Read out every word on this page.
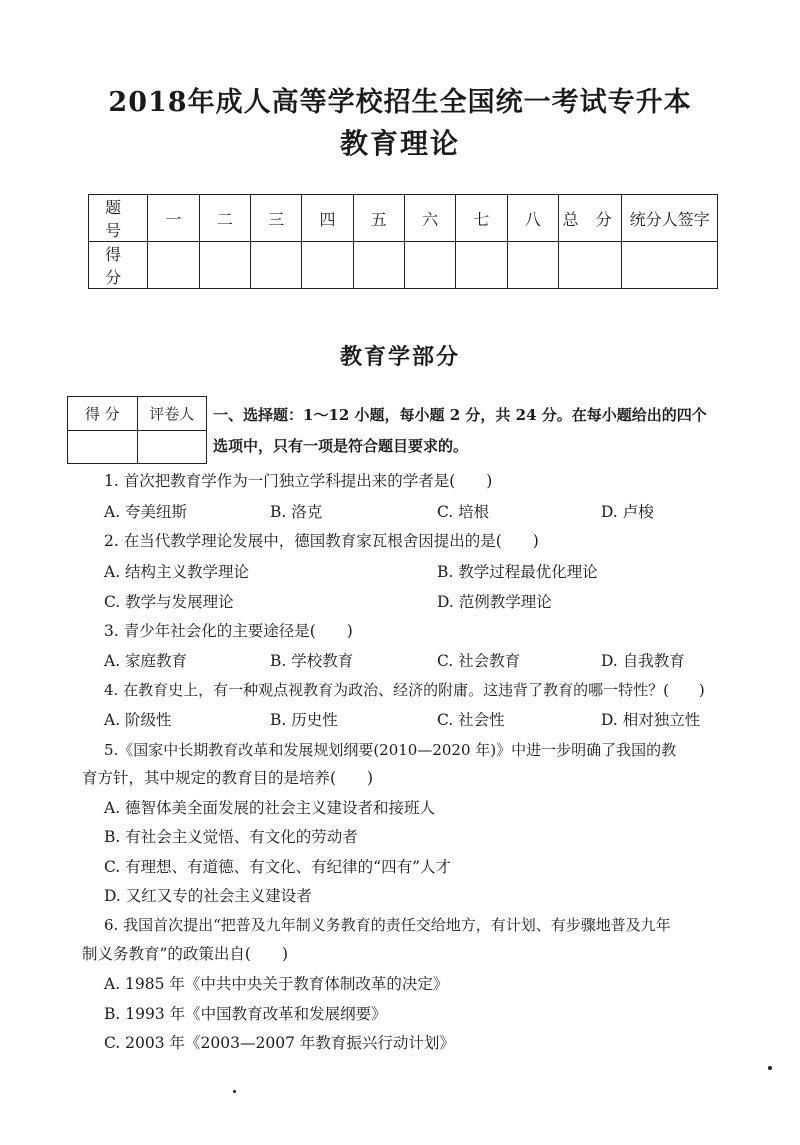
2018年成人高等学校招生全国统一考试专升本
教育理论
题　号	一	二	三	四	五	六	七	八	总 分	统分人签字
得　分										
教育学部分
得 分	评卷人
	一、选择题：1～12 小题，每小题 2 分，共 24 分。在每小题给出的四个
选项中，只有一项是符合题目要求的。
1. 首次把教育学作为一门独立学科提出来的学者是(　　)
A. 夸美纽斯	B. 洛克	C. 培根	D. 卢梭
2. 在当代教学理论发展中，德国教育家瓦根舍因提出的是(　　)
A. 结构主义教学理论	B. 教学过程最优化理论
C. 教学与发展理论	D. 范例教学理论
3. 青少年社会化的主要途径是(　　)
A. 家庭教育	B. 学校教育	C. 社会教育	D. 自我教育
4. 在教育史上，有一种观点视教育为政治、经济的附庸。这违背了教育的哪一特性？(　　)
A. 阶级性	B. 历史性	C. 社会性	D. 相对独立性
5.《国家中长期教育改革和发展规划纲要(2010—2020 年)》中进一步明确了我国的教
育方针，其中规定的教育目的是培养(　　)
A. 德智体美全面发展的社会主义建设者和接班人
B. 有社会主义觉悟、有文化的劳动者
C. 有理想、有道德、有文化、有纪律的“四有”人才
D. 又红又专的社会主义建设者
6. 我国首次提出“把普及九年制义务教育的责任交给地方，有计划、有步骤地普及九年
制义务教育”的政策出自(　　)
A. 1985 年《中共中央关于教育体制改革的决定》
B. 1993 年《中国教育改革和发展纲要》
C. 2003 年《2003—2007 年教育振兴行动计划》
